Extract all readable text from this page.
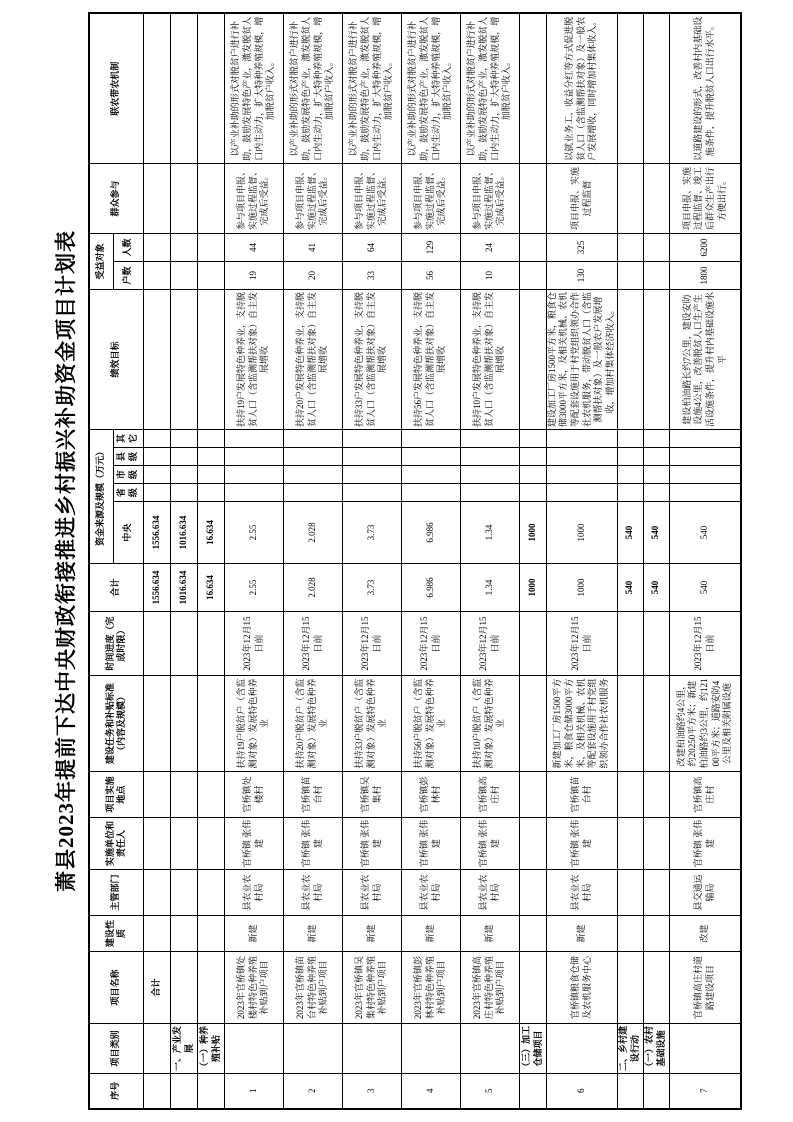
萧县2023年提前下达中央财政衔接推进乡村振兴补助资金项目计划表
序号	项目类别	项目名称	建设性质	主管部门	实施单位和责任人	项目实施地点	建设任务和补贴标准（内容及规模）	时间进度（完成时限）	合计	资金来源及规模（万元）					绩效目标	受益对象		群众参与	联农带农机制
										中央	省级	市级	县级	其它		户数	人数		
		合计							1556.634	1556.634									
	一、产业发展								1016.634	1016.634									
	（一）种养殖补贴								16.634	16.634									
1		2023年官桥镇处楼村特色种养殖补贴到户项目	新建	县农业农村局	官桥镇 张伟建	官桥镇处楼村	扶持19户脱贫户（含监测对象）发展特色种养业	2023年12月15日前	2.55	2.55					扶持19户发展特色种养业，支持脱贫人口（含监测帮扶对象）自主发展增收	19	44	参与项目申报、实施过程监督、完成后受益。	以产业补助的形式对脱贫户进行补助，鼓励发展特色产业，激发脱贫人口内生动力，扩大特种养殖规模，增加脱贫户收入。
2		2023年官桥镇苗台村特色种养殖补贴到户项目	新建	县农业农村局	官桥镇 张伟建	官桥镇苗台村	扶持20户脱贫户（含监测对象）发展特色种养业	2023年12月15日前	2.028	2.028					扶持20户发展特色种养业，支持脱贫人口（含监测帮扶对象）自主发展增收	20	41	参与项目申报、实施过程监督、完成后受益。	以产业补助的形式对脱贫户进行补助，鼓励发展特色产业，激发脱贫人口内生动力，扩大特种养殖规模，增加脱贫户收入。
3		2023年官桥镇吴集村特色种养殖补贴到户项目	新建	县农业农村局	官桥镇 张伟建	官桥镇吴集村	扶持33户脱贫户（含监测对象）发展特色种养业	2023年12月15日前	3.73	3.73					扶持33户发展特色种养业，支持脱贫人口（含监测帮扶对象）自主发展增收	33	64	参与项目申报、实施过程监督、完成后受益。	以产业补助的形式对脱贫户进行补助，鼓励发展特色产业，激发脱贫人口内生动力，扩大特种养殖规模，增加脱贫户收入。
4		2023年官桥镇彭林村特色种养殖补贴到户项目	新建	县农业农村局	官桥镇 张伟建	官桥镇彭林村	扶持56户脱贫户（含监测对象）发展特色种养业	2023年12月15日前	6.986	6.986					扶持56户发展特色种养业，支持脱贫人口（含监测帮扶对象）自主发展增收	56	129	参与项目申报、实施过程监督、完成后受益。	以产业补助的形式对脱贫户进行补助，鼓励发展特色产业，激发脱贫人口内生动力，扩大特种养殖规模，增加脱贫户收入。
5		2023年官桥镇高庄村特色种养殖补贴到户项目	新建	县农业农村局	官桥镇 张伟建	官桥镇高庄村	扶持10户脱贫户（含监测对象）发展特色种养业	2023年12月15日前	1.34	1.34					扶持10户发展特色种养业，支持脱贫人口（含监测帮扶对象）自主发展增收	10	24	参与项目申报、实施过程监督、完成后受益。	以产业补助的形式对脱贫户进行补助，鼓励发展特色产业，激发脱贫人口内生动力，扩大特种养殖规模，增加脱贫户收入。
	（三）加工仓储项目								1000	1000									
6		官桥镇粮食仓储及农机服务中心	新建	县农业农村局	官桥镇 张伟建	官桥镇苗台村	新建加工厂房1500平方米，粮食仓储3000平方米，及相关机械、农机等配套设施用于村党组织领办合作社农机服务	2023年12月15日前	1000	1000					建设加工厂房1500平方米，粮食仓储3000平方米，及相关机械、农机等配套设施用于村党组织领办合作社农机服务，带动脱贫人口（含监测帮扶对象）及一般农户发展增收，增加村集体经济收入。	130	325	项目申报、实施过程监督	以就业务工、收益分红等方式促进脱贫人口（含监测帮扶对象）及一般农户发展增收，同时增加村集体收入。
	二、乡村建设行动								540	540									
	（一）农村基础设施								540	540									
7		官桥镇高庄村道路建设项目	改建	县交通运输局	官桥镇 张伟建	官桥镇高庄村	改建柏油路约4公里，约20250平方米；新建柏油路约3公里，约12100平方米；道路安防4公里及相关附属设施	2023年12月15日前	540	540					建设柏油路长约7公里，建设安防设施4公里，改善脱贫人口生产生活设施条件，提升村内基础设施水平	1800	6200	项目申报、实施过程监督、竣工后群众生产出行方便出行。	以道路建设的形式，改善村内基础设施条件，提升脱贫人口出行水平。
